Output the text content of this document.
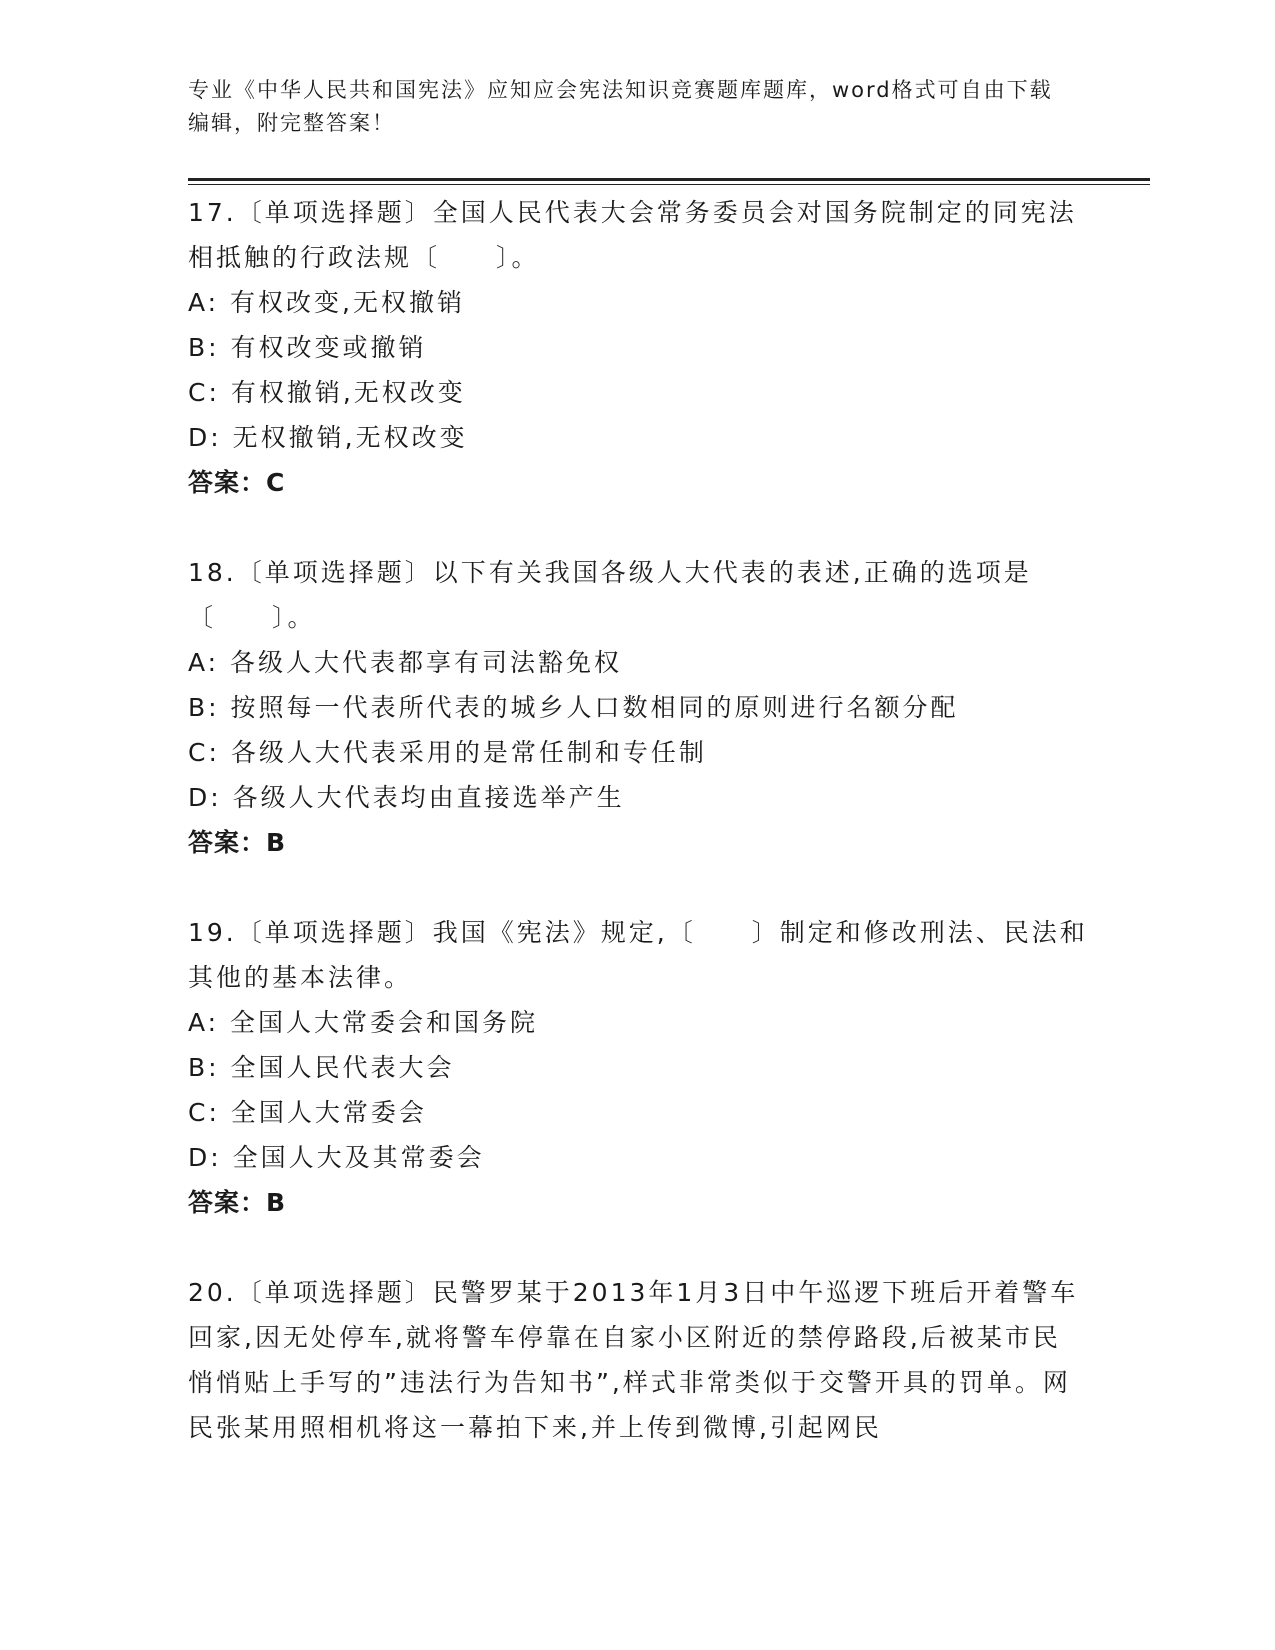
专业《中华人民共和国宪法》应知应会宪法知识竞赛题库题库，word格式可自由下载编辑，附完整答案！

17.〔单项选择题〕全国人民代表大会常务委员会对国务院制定的同宪法相抵触的行政法规〔　　〕。

A: 有权改变,无权撤销

B: 有权改变或撤销

C: 有权撤销,无权改变

D: 无权撤销,无权改变

答案：C

18.〔单项选择题〕以下有关我国各级人大代表的表述,正确的选项是〔　　〕。

A: 各级人大代表都享有司法豁免权

B: 按照每一代表所代表的城乡人口数相同的原则进行名额分配

C: 各级人大代表采用的是常任制和专任制

D: 各级人大代表均由直接选举产生

答案：B

19.〔单项选择题〕我国《宪法》规定,〔　　〕制定和修改刑法、民法和其他的基本法律。

A: 全国人大常委会和国务院

B: 全国人民代表大会

C: 全国人大常委会

D: 全国人大及其常委会

答案：B

20.〔单项选择题〕民警罗某于2013年1月3日中午巡逻下班后开着警车回家,因无处停车,就将警车停靠在自家小区附近的禁停路段,后被某市民悄悄贴上手写的”违法行为告知书”,样式非常类似于交警开具的罚单。网民张某用照相机将这一幕拍下来,并上传到微博,引起网民
